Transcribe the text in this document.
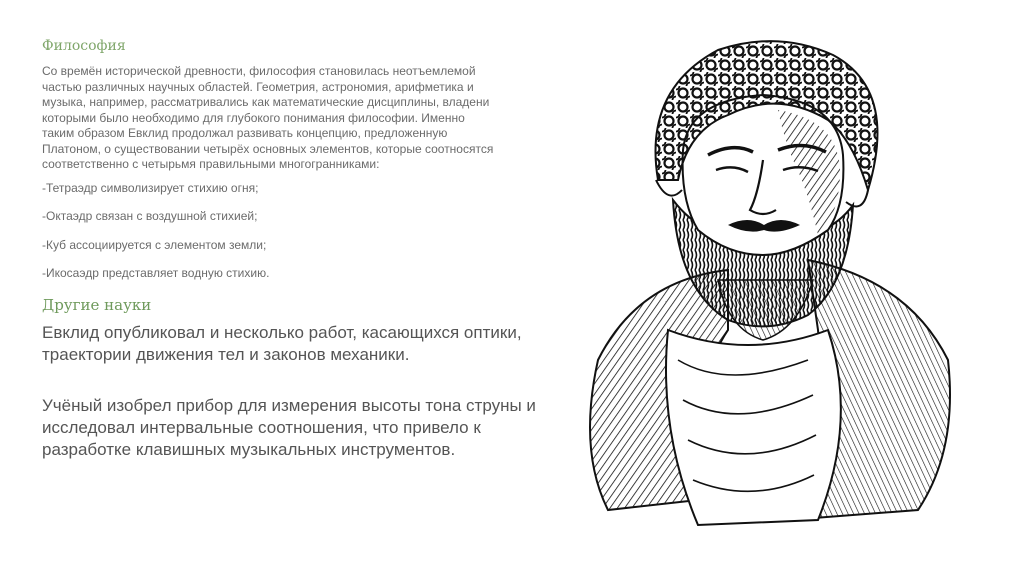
Философия

Со времён исторической древности, философия становилась неотъемлемой
частью различных научных областей. Геометрия, астрономия, арифметика и
музыка, например, рассматривались как математические дисциплины, владени
которыми было необходимо для глубокого понимания философии. Именно
таким образом Евклид продолжал развивать концепцию, предложенную
Платоном, о существовании четырёх основных элементов, которые соотносятся
соответственно с четырьмя правильными многогранниками:

-Тетраэдр символизирует стихию огня;

-Октаэдр связан с воздушной стихией;

-Куб ассоциируется с элементом земли;

-Икосаэдр представляет водную стихию.

Другие науки

Евклид опубликовал и несколько работ, касающихся оптики,
траектории движения тел и законов механики.

Учёный изобрел прибор для измерения высоты тона струны и
исследовал интервальные соотношения, что привело к
разработке клавишных музыкальных инструментов.
